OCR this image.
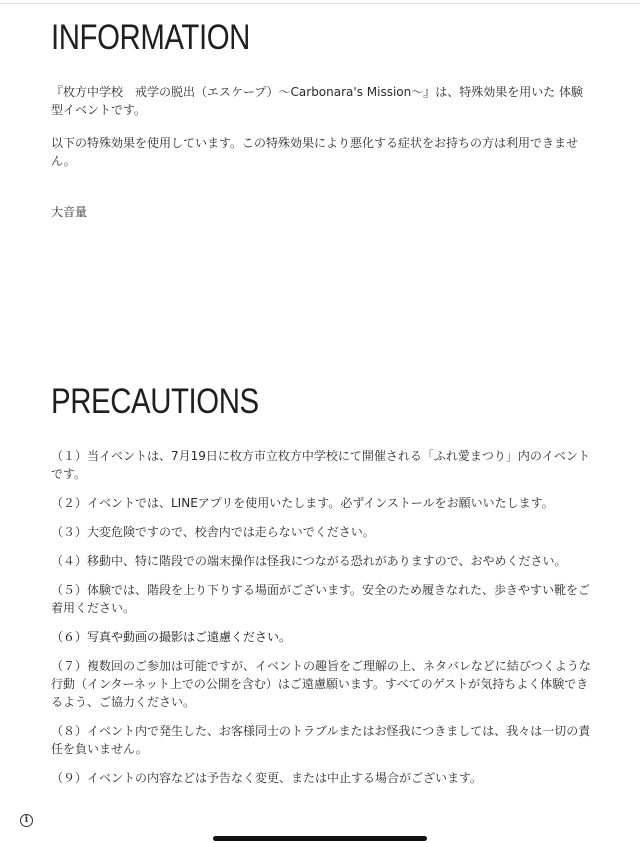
INFORMATION

『枚方中学校　戒学の脱出（エスケープ）〜Carbonara's Mission〜』は、特殊効果を用いた 体験型イベントです。

以下の特殊効果を使用しています。この特殊効果により悪化する症状をお持ちの方は利用できません。

大音量

PRECAUTIONS
（１）当イベントは、7月19日に枚方市立枚方中学校にて開催される「ふれ愛まつり」内のイベントです。
（２）イベントでは、LINEアプリを使用いたします。必ずインストールをお願いいたします。
（３）大変危険ですので、校舎内では走らないでください。
（４）移動中、特に階段での端末操作は怪我につながる恐れがありますので、おやめください。
（５）体験では、階段を上り下りする場面がございます。安全のため履きなれた、歩きやすい靴をご着用ください。
（６）写真や動画の撮影はご遠慮ください。
（７）複数回のご参加は可能ですが、イベントの趣旨をご理解の上、ネタバレなどに結びつくような行動（インターネット上での公開を含む）はご遠慮願います。すべてのゲストが気持ちよく体験できるよう、ご協力ください。
（８）イベント内で発生した、お客様同士のトラブルまたはお怪我につきましては、我々は一切の責任を負いません。
（９）イベントの内容などは予告なく変更、または中止する場合がございます。
i
